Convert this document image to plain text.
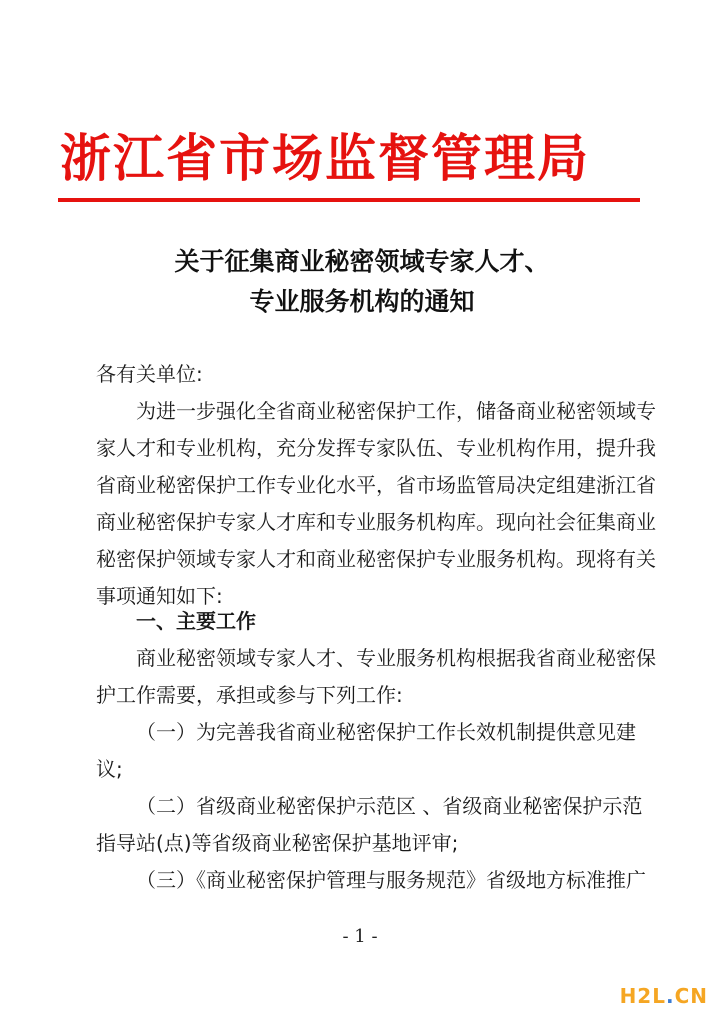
浙江省市场监督管理局
关于征集商业秘密领域专家人才、
专业服务机构的通知
各有关单位:
为进一步强化全省商业秘密保护工作，储备商业秘密领域专
家人才和专业机构，充分发挥专家队伍、专业机构作用，提升我
省商业秘密保护工作专业化水平，省市场监管局决定组建浙江省
商业秘密保护专家人才库和专业服务机构库。现向社会征集商业
秘密保护领域专家人才和商业秘密保护专业服务机构。现将有关
事项通知如下:
一、主要工作
商业秘密领域专家人才、专业服务机构根据我省商业秘密保
护工作需要，承担或参与下列工作:
（一）为完善我省商业秘密保护工作长效机制提供意见建
议;
（二）省级商业秘密保护示范区 、省级商业秘密保护示范
指导站(点)等省级商业秘密保护基地评审;
（三）《商业秘密保护管理与服务规范》省级地方标准推广
- 1 -
H2L.CN
